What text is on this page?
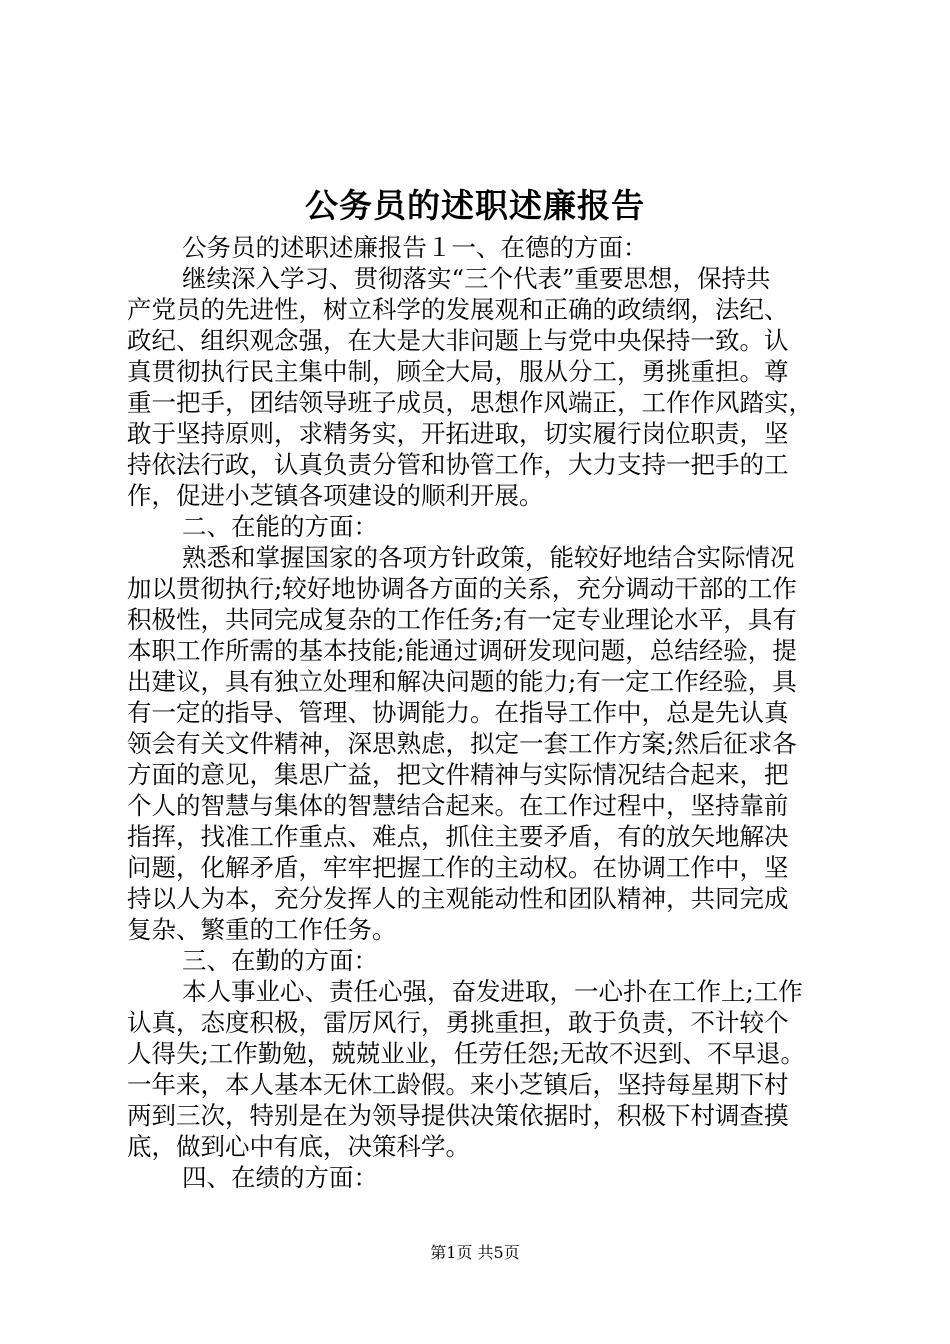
公务员的述职述廉报告
公务员的述职述廉报告１一、在德的方面：
继续深入学习、贯彻落实“三个代表”重要思想，保持共
产党员的先进性，树立科学的发展观和正确的政绩纲，法纪、
政纪、组织观念强，在大是大非问题上与党中央保持一致。认
真贯彻执行民主集中制，顾全大局，服从分工，勇挑重担。尊
重一把手，团结领导班子成员，思想作风端正，工作作风踏实，
敢于坚持原则，求精务实，开拓进取，切实履行岗位职责，坚
持依法行政，认真负责分管和协管工作，大力支持一把手的工
作，促进小芝镇各项建设的顺利开展。
二、在能的方面：
熟悉和掌握国家的各项方针政策，能较好地结合实际情况
加以贯彻执行;较好地协调各方面的关系，充分调动干部的工作
积极性，共同完成复杂的工作任务;有一定专业理论水平，具有
本职工作所需的基本技能;能通过调研发现问题，总结经验，提
出建议，具有独立处理和解决问题的能力;有一定工作经验，具
有一定的指导、管理、协调能力。在指导工作中，总是先认真
领会有关文件精神，深思熟虑，拟定一套工作方案;然后征求各
方面的意见，集思广益，把文件精神与实际情况结合起来，把
个人的智慧与集体的智慧结合起来。在工作过程中，坚持靠前
指挥，找准工作重点、难点，抓住主要矛盾，有的放矢地解决
问题，化解矛盾，牢牢把握工作的主动权。在协调工作中，坚
持以人为本，充分发挥人的主观能动性和团队精神，共同完成
复杂、繁重的工作任务。
三、在勤的方面：
本人事业心、责任心强，奋发进取，一心扑在工作上;工作
认真，态度积极，雷厉风行，勇挑重担，敢于负责，不计较个
人得失;工作勤勉，兢兢业业，任劳任怨;无故不迟到、不早退。
一年来，本人基本无休工龄假。来小芝镇后，坚持每星期下村
两到三次，特别是在为领导提供决策依据时，积极下村调查摸
底，做到心中有底，决策科学。
四、在绩的方面：
第1页 共5页
